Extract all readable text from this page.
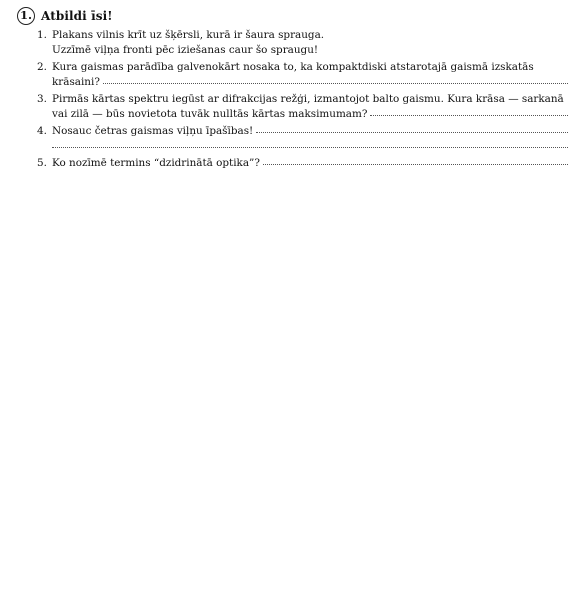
1. Atbildi īsi!
1. Plakans vilnis krīt uz šķērsli, kurā ir šaura sprauga.
Uzzīmē viļņa fronti pēc iziešanas caur šo spraugu!
2. Kura gaismas parādība galvenokārt nosaka to, ka kompaktdiski atstarotajā gaismā izskatās
krāsaini?
3. Pirmās kārtas spektru iegūst ar difrakcijas režģi, izmantojot balto gaismu. Kura krāsa — sarkanā
vai zilā — būs novietota tuvāk nulltās kārtas maksimumam?
4. Nosauc četras gaismas viļņu īpašības!
5. Ko nozīmē termins “dzidrinātā optika”?
